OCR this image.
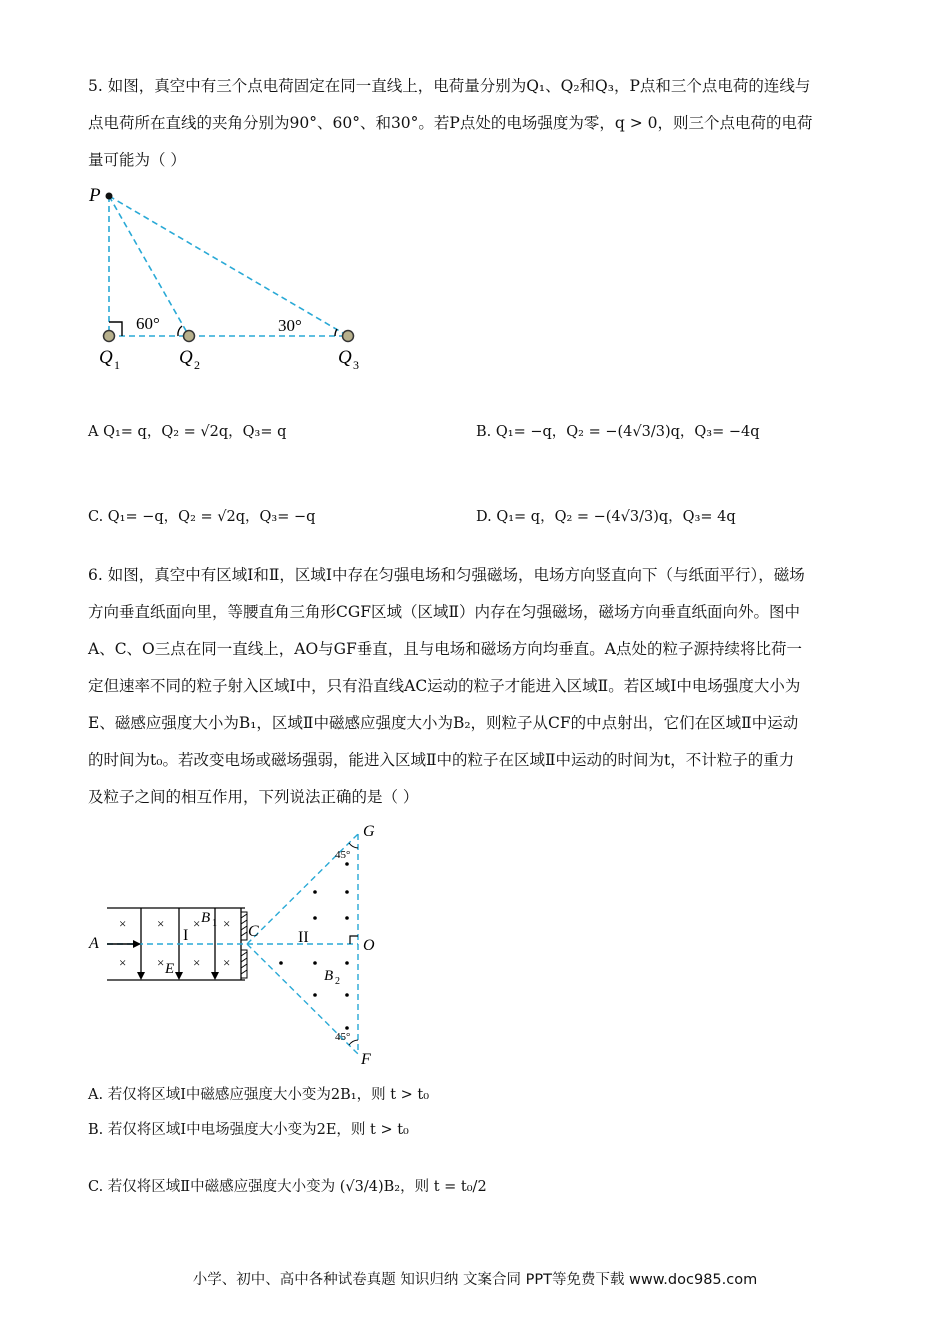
5. 如图，真空中有三个点电荷固定在同一直线上，电荷量分别为Q₁、Q₂和Q₃，P点和三个点电荷的连线与
点电荷所在直线的夹角分别为90°、60°、和30°。若P点处的电场强度为零，q > 0，则三个点电荷的电荷
量可能为（ ）
P
60°	30°
Q 1	Q 2	Q 3
A Q₁= q，Q₂ = √2q，Q₃= q	B. Q₁= −q，Q₂ = −(4√3/3)q，Q₃= −4q
C. Q₁= −q，Q₂ = √2q，Q₃= −q	D. Q₁= q，Q₂ = −(4√3/3)q，Q₃= 4q
6. 如图，真空中有区域Ⅰ和Ⅱ，区域Ⅰ中存在匀强电场和匀强磁场，电场方向竖直向下（与纸面平行），磁场
方向垂直纸面向里，等腰直角三角形CGF区域（区域Ⅱ）内存在匀强磁场，磁场方向垂直纸面向外。图中
A、C、O三点在同一直线上，AO与GF垂直，且与电场和磁场方向均垂直。A点处的粒子源持续将比荷一
定但速率不同的粒子射入区域Ⅰ中，只有沿直线AC运动的粒子才能进入区域Ⅱ。若区域Ⅰ中电场强度大小为
E、磁感应强度大小为B₁，区域Ⅱ中磁感应强度大小为B₂，则粒子从CF的中点射出，它们在区域Ⅱ中运动
的时间为t₀。若改变电场或磁场强弱，能进入区域Ⅱ中的粒子在区域Ⅱ中运动的时间为t，不计粒子的重力
及粒子之间的相互作用，下列说法正确的是（ ）
× × × ×
× × × ×
G
F
O
A
C
E
B 1
B 2
I	II
45°
45°
A. 若仅将区域Ⅰ中磁感应强度大小变为2B₁，则 t > t₀
B. 若仅将区域Ⅰ中电场强度大小变为2E，则 t > t₀
C. 若仅将区域Ⅱ中磁感应强度大小变为 (√3/4)B₂，则 t = t₀/2
小学、初中、高中各种试卷真题 知识归纳 文案合同 PPT等免费下载 www.doc985.com
